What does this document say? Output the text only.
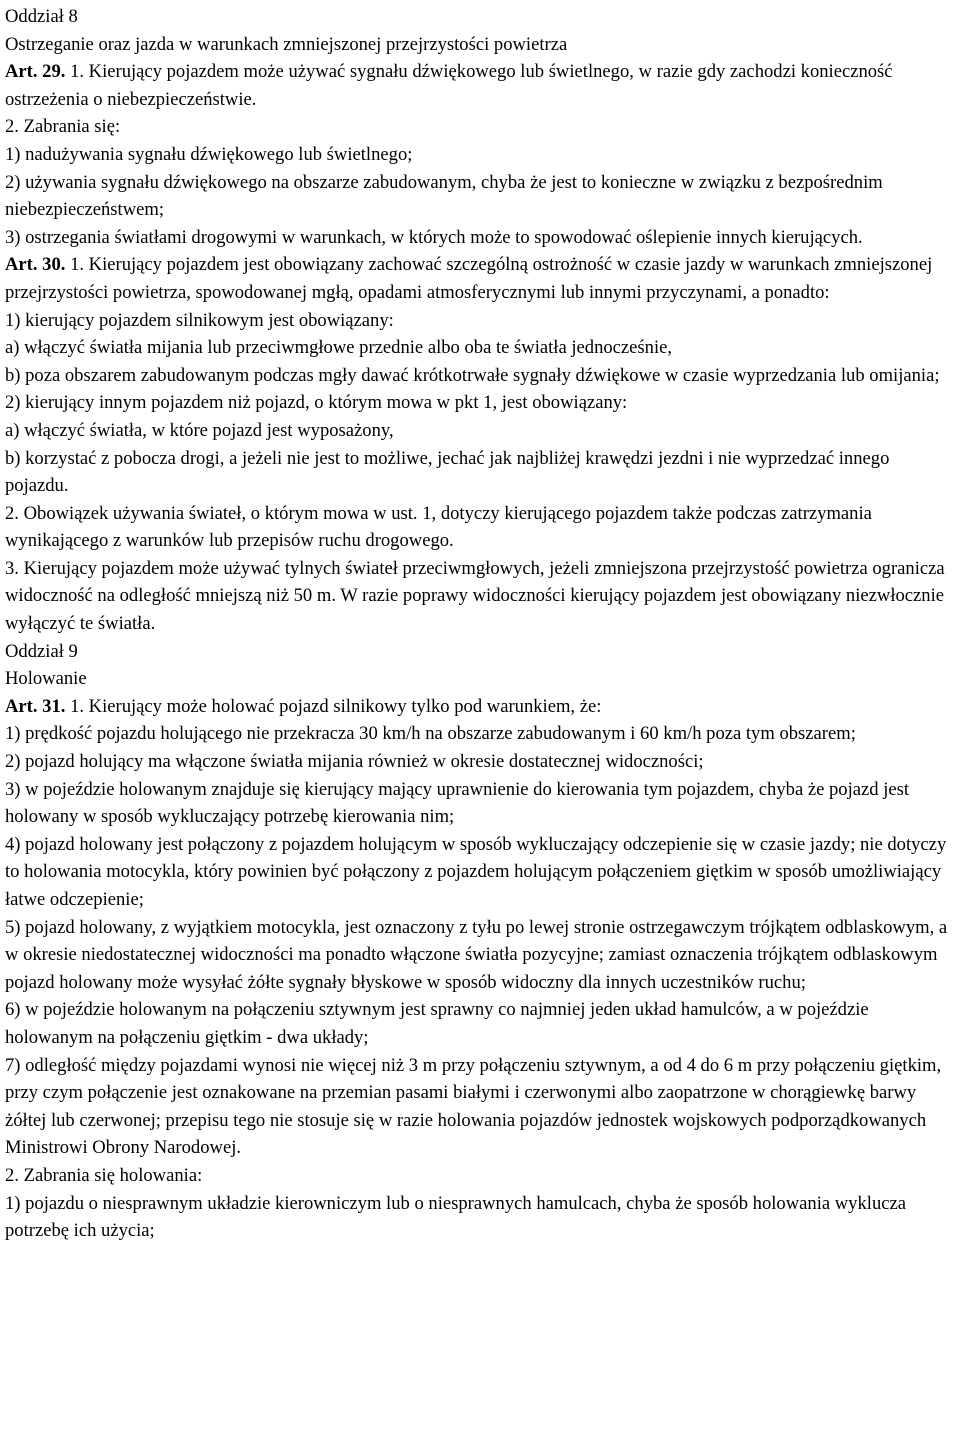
Oddział 8
Ostrzeganie oraz jazda w warunkach zmniejszonej przejrzystości powietrza
Art. 29. 1. Kierujący pojazdem może używać sygnału dźwiękowego lub świetlnego, w razie gdy zachodzi konieczność ostrzeżenia o niebezpieczeństwie.
2. Zabrania się:
1) nadużywania sygnału dźwiękowego lub świetlnego;
2) używania sygnału dźwiękowego na obszarze zabudowanym, chyba że jest to konieczne w związku z bezpośrednim niebezpieczeństwem;
3) ostrzegania światłami drogowymi w warunkach, w których może to spowodować oślepienie innych kierujących.
Art. 30. 1. Kierujący pojazdem jest obowiązany zachować szczególną ostrożność w czasie jazdy w warunkach zmniejszonej przejrzystości powietrza, spowodowanej mgłą, opadami atmosferycznymi lub innymi przyczynami, a ponadto:
1) kierujący pojazdem silnikowym jest obowiązany:
a) włączyć światła mijania lub przeciwmgłowe przednie albo oba te światła jednocześnie,
b) poza obszarem zabudowanym podczas mgły dawać krótkotrwałe sygnały dźwiękowe w czasie wyprzedzania lub omijania;
2) kierujący innym pojazdem niż pojazd, o którym mowa w pkt 1, jest obowiązany:
a) włączyć światła, w które pojazd jest wyposażony,
b) korzystać z pobocza drogi, a jeżeli nie jest to możliwe, jechać jak najbliżej krawędzi jezdni i nie wyprzedzać innego pojazdu.
2. Obowiązek używania świateł, o którym mowa w ust. 1, dotyczy kierującego pojazdem także podczas zatrzymania wynikającego z warunków lub przepisów ruchu drogowego.
3. Kierujący pojazdem może używać tylnych świateł przeciwmgłowych, jeżeli zmniejszona przejrzystość powietrza ogranicza widoczność na odległość mniejszą niż 50 m. W razie poprawy widoczności kierujący pojazdem jest obowiązany niezwłocznie wyłączyć te światła.
Oddział 9
Holowanie
Art. 31. 1. Kierujący może holować pojazd silnikowy tylko pod warunkiem, że:
1) prędkość pojazdu holującego nie przekracza 30 km/h na obszarze zabudowanym i 60 km/h poza tym obszarem;
2) pojazd holujący ma włączone światła mijania również w okresie dostatecznej widoczności;
3) w pojeździe holowanym znajduje się kierujący mający uprawnienie do kierowania tym pojazdem, chyba że pojazd jest holowany w sposób wykluczający potrzebę kierowania nim;
4) pojazd holowany jest połączony z pojazdem holującym w sposób wykluczający odczepienie się w czasie jazdy; nie dotyczy to holowania motocykla, który powinien być połączony z pojazdem holującym połączeniem giętkim w sposób umożliwiający łatwe odczepienie;
5) pojazd holowany, z wyjątkiem motocykla, jest oznaczony z tyłu po lewej stronie ostrzegawczym trójkątem odblaskowym, a w okresie niedostatecznej widoczności ma ponadto włączone światła pozycyjne; zamiast oznaczenia trójkątem odblaskowym pojazd holowany może wysyłać żółte sygnały błyskowe w sposób widoczny dla innych uczestników ruchu;
6) w pojeździe holowanym na połączeniu sztywnym jest sprawny co najmniej jeden układ hamulców, a w pojeździe holowanym na połączeniu giętkim - dwa układy;
7) odległość między pojazdami wynosi nie więcej niż 3 m przy połączeniu sztywnym, a od 4 do 6 m przy połączeniu giętkim, przy czym połączenie jest oznakowane na przemian pasami białymi i czerwonymi albo zaopatrzone w chorągiewkę barwy żółtej lub czerwonej; przepisu tego nie stosuje się w razie holowania pojazdów jednostek wojskowych podporządkowanych Ministrowi Obrony Narodowej.
2. Zabrania się holowania:
1) pojazdu o niesprawnym układzie kierowniczym lub o niesprawnych hamulcach, chyba że sposób holowania wyklucza potrzebę ich użycia;
